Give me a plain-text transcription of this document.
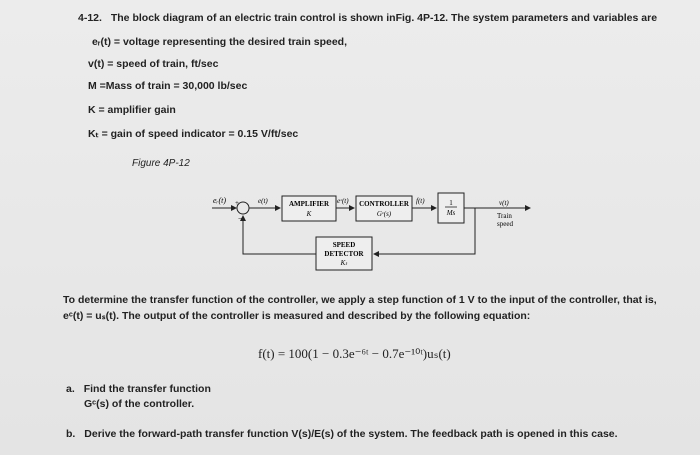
4-12. The block diagram of an electric train control is shown inFig. 4P-12. The system parameters and variables are
eᵣ(t) = voltage representing the desired train speed,
v(t) = speed of train, ft/sec
M =Mass of train = 30,000 lb/sec
K = amplifier gain
Kₜ = gain of speed indicator = 0.15 V/ft/sec
Figure 4P-12
eᵣ(t) +
−
e(t)	AMPLIFIER
K
eᶜ(t) CONTROLLER
Gᶜ(s)
f(t)	1
Ms
v(t)
Train
speed
SPEED
DETECTOR
Kₜ
To determine the transfer function of the controller, we apply a step function of 1 V to the input of the controller, that is,
eᶜ(t) = uₛ(t). The output of the controller is measured and described by the following equation:
f(t) = 100(1 − 0.3e⁻⁶ᵗ − 0.7e⁻¹⁰ᵗ)uₛ(t)
a. Find the transfer function
Gᶜ(s) of the controller.
b. Derive the forward-path transfer function V(s)/E(s) of the system. The feedback path is opened in this case.
